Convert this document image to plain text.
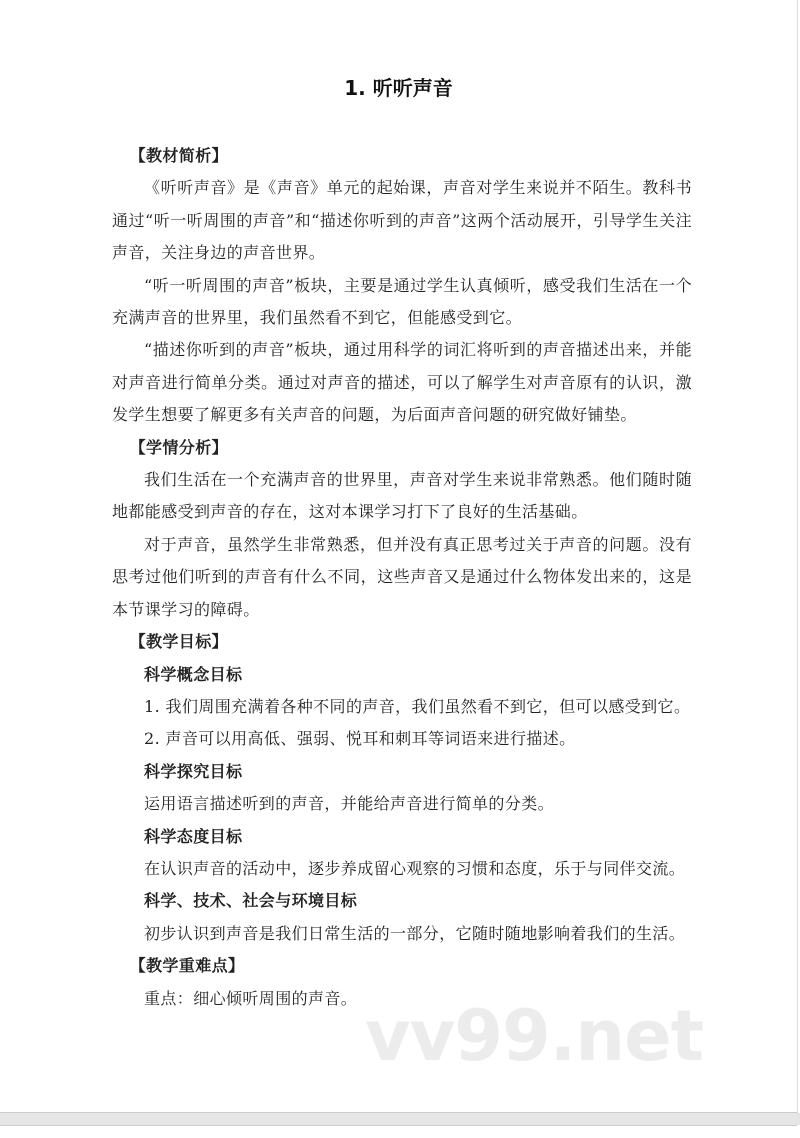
1. 听听声音

【教材简析】

《听听声音》是《声音》单元的起始课，声音对学生来说并不陌生。教科书通过“听一听周围的声音”和“描述你听到的声音”这两个活动展开，引导学生关注声音，关注身边的声音世界。

“听一听周围的声音”板块，主要是通过学生认真倾听，感受我们生活在一个充满声音的世界里，我们虽然看不到它，但能感受到它。

“描述你听到的声音”板块，通过用科学的词汇将听到的声音描述出来，并能对声音进行简单分类。通过对声音的描述，可以了解学生对声音原有的认识，激发学生想要了解更多有关声音的问题，为后面声音问题的研究做好铺垫。

【学情分析】

我们生活在一个充满声音的世界里，声音对学生来说非常熟悉。他们随时随地都能感受到声音的存在，这对本课学习打下了良好的生活基础。

对于声音，虽然学生非常熟悉，但并没有真正思考过关于声音的问题。没有思考过他们听到的声音有什么不同，这些声音又是通过什么物体发出来的，这是本节课学习的障碍。

【教学目标】

科学概念目标

1. 我们周围充满着各种不同的声音，我们虽然看不到它，但可以感受到它。

2. 声音可以用高低、强弱、悦耳和刺耳等词语来进行描述。

科学探究目标

运用语言描述听到的声音，并能给声音进行简单的分类。

科学态度目标

在认识声音的活动中，逐步养成留心观察的习惯和态度，乐于与同伴交流。

科学、技术、社会与环境目标

初步认识到声音是我们日常生活的一部分，它随时随地影响着我们的生活。

【教学重难点】

重点：细心倾听周围的声音。 vv99.net
